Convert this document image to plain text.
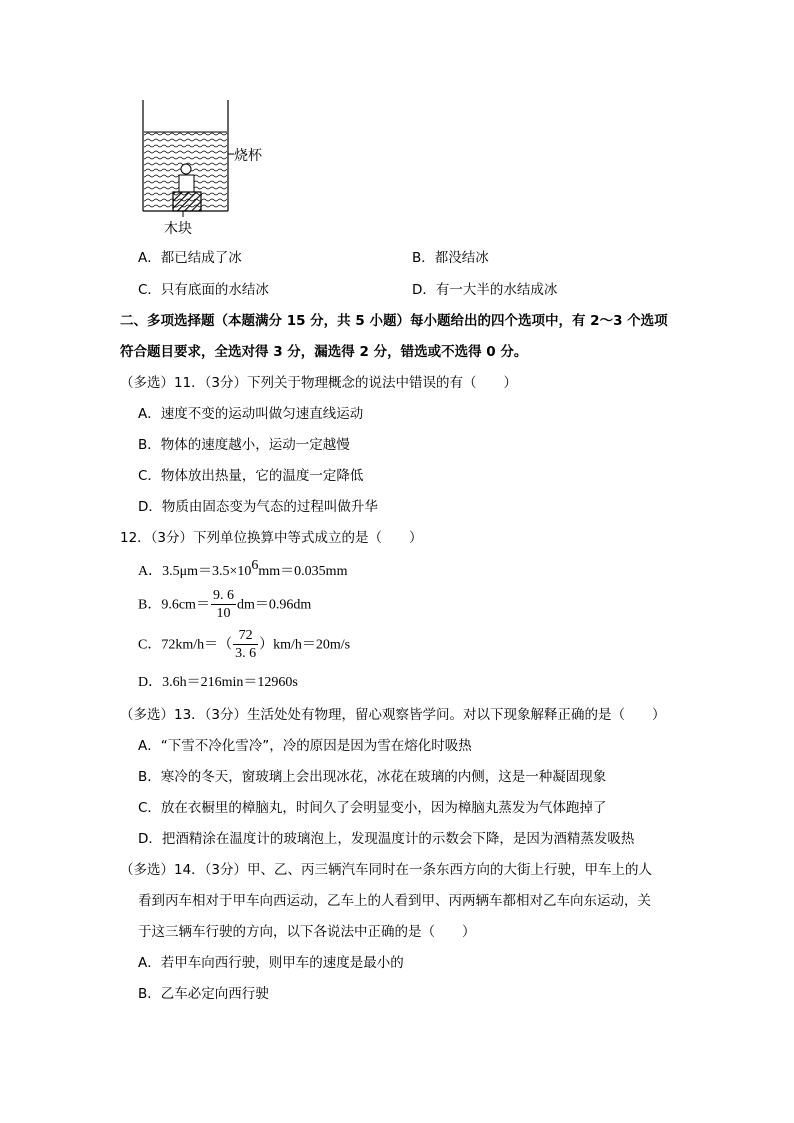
烧杯
木块
A．都已结成了冰	B．都没结冰
C．只有底面的水结冰	D．有一大半的水结成冰
二、多项选择题（本题满分 15 分，共 5 小题）每小题给出的四个选项中，有 2～3 个选项
符合题目要求，全选对得 3 分，漏选得 2 分，错选或不选得 0 分。
（多选）11．（3分）下列关于物理概念的说法中错误的有（　　）
A．速度不变的运动叫做匀速直线运动
B．物体的速度越小，运动一定越慢
C．物体放出热量，它的温度一定降低
D．物质由固态变为气态的过程叫做升华
12．（3分）下列单位换算中等式成立的是（　　）
A．$3.5\mu m=3.5\times 10^6mm=0.035mm$
B．$9.6cm= \frac{9. 6}{10} dm=0.96dm$
C．$72km/h=( \frac{72}{3. 6} )km/h=20m/s$
D．3.6h＝216min＝12960s
（多选）13．（3分）生活处处有物理，留心观察皆学问。对以下现象解释正确的是（　　）
A．“下雪不冷化雪冷”，冷的原因是因为雪在熔化时吸热
B．寒冷的冬天，窗玻璃上会出现冰花，冰花在玻璃的内侧，这是一种凝固现象
C．放在衣橱里的樟脑丸，时间久了会明显变小，因为樟脑丸蒸发为气体跑掉了
D．把酒精涂在温度计的玻璃泡上，发现温度计的示数会下降，是因为酒精蒸发吸热
（多选）14．（3分）甲、乙、丙三辆汽车同时在一条东西方向的大街上行驶，甲车上的人
看到丙车相对于甲车向西运动，乙车上的人看到甲、丙两辆车都相对乙车向东运动，关
于这三辆车行驶的方向，以下各说法中正确的是（　　）
A．若甲车向西行驶，则甲车的速度是最小的
B．乙车必定向西行驶
